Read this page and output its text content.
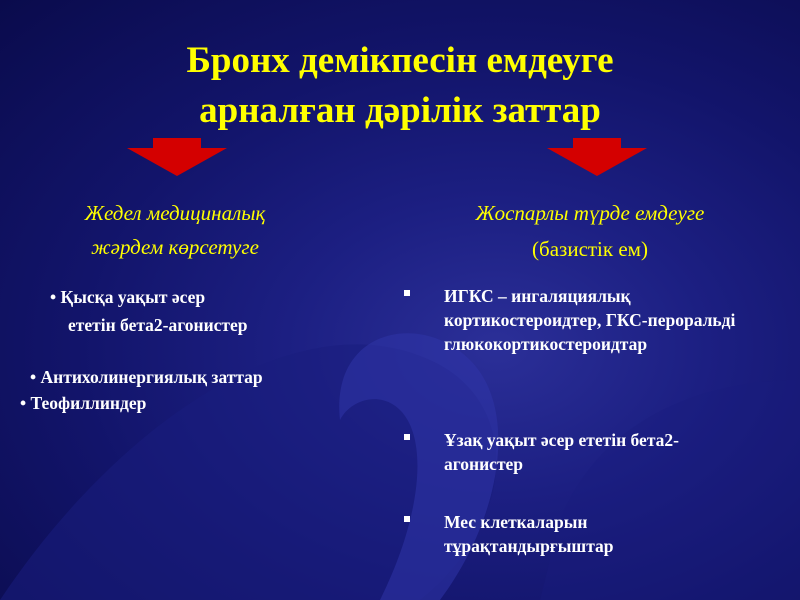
Бронх демікпесін емдеуге
арналған дәрілік заттар
Жедел медициналық
жәрдем көрсетуге
Жоспарлы түрде емдеуге
(базистік ем)
• Қысқа уақыт әсер
ететін бета2-агонистер
• Антихолинергиялық заттар
• Теофиллиндер
ИГКС – ингаляциялық кортикостероидтер, ГКС-пероральді глюкокортикостероидтар
Ұзақ уақыт әсер ететін бета2-агонистер
Мес клеткаларын тұрақтандырғыштар
